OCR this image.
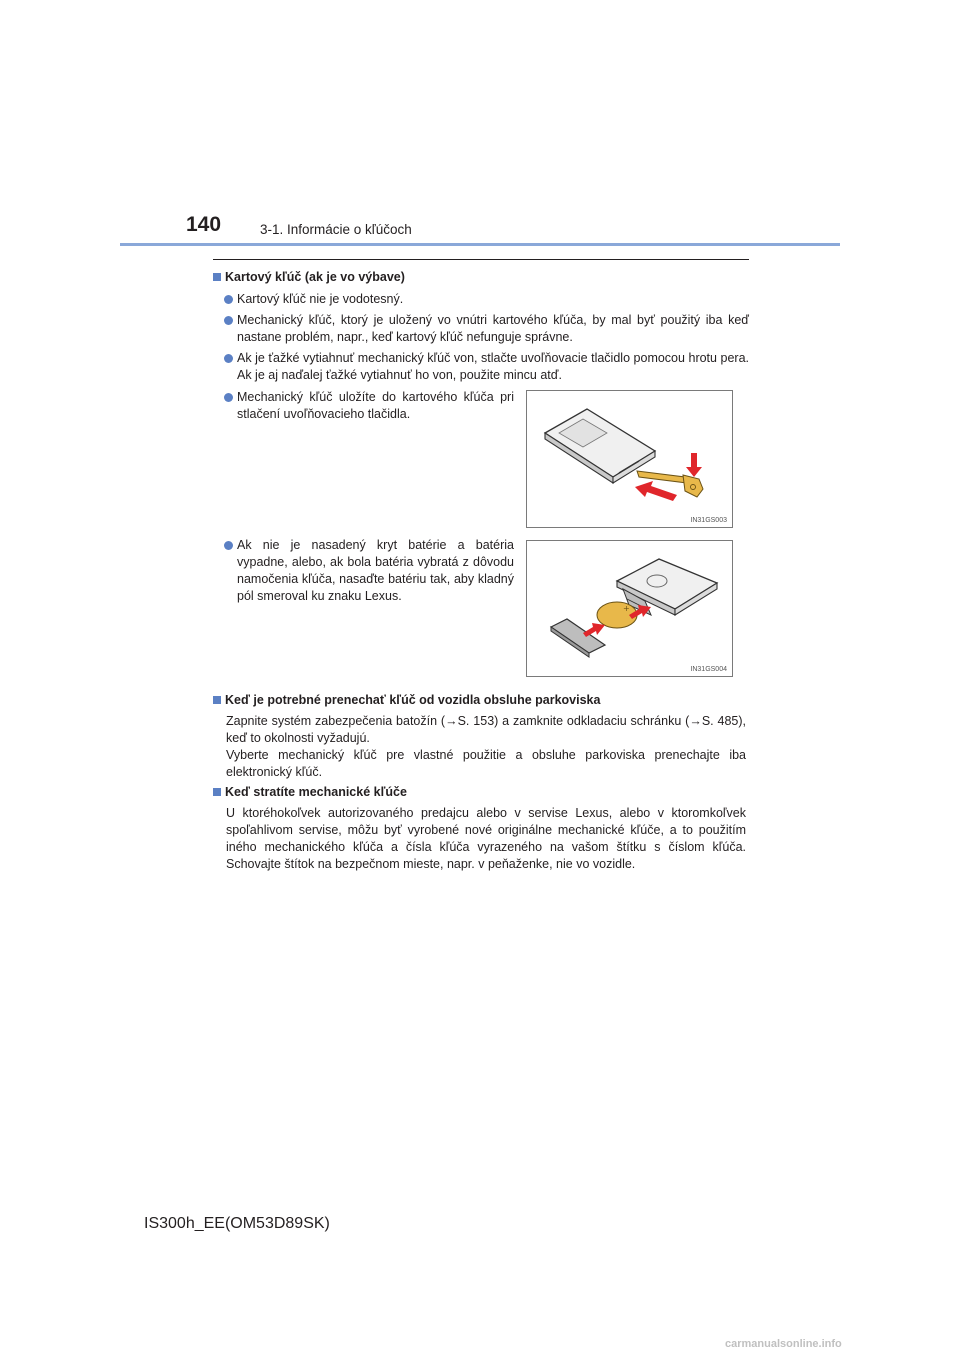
140	3-1. Informácie o kľúčoch
Kartový kľúč (ak je vo výbave)
Kartový kľúč nie je vodotesný.
Mechanický kľúč, ktorý je uložený vo vnútri kartového kľúča, by mal byť použitý iba keď nastane problém, napr., keď kartový kľúč nefunguje správne.
Ak je ťažké vytiahnuť mechanický kľúč von, stlačte uvoľňovacie tlačidlo pomocou hrotu pera. Ak je aj naďalej ťažké vytiahnuť ho von, použite mincu atď.
Mechanický kľúč uložíte do kartového kľúča pri stlačení uvoľňovacieho tlačidla.
IN31GS003
Ak nie je nasadený kryt batérie a batéria vypadne, alebo, ak bola batéria vybratá z dôvodu namočenia kľúča, nasaďte batériu tak, aby kladný pól smeroval ku znaku Lexus.
+
IN31GS004
Keď je potrebné prenechať kľúč od vozidla obsluhe parkoviska
Zapnite systém zabezpečenia batožín (→S. 153) a zamknite odkladaciu schránku (→S. 485), keď to okolnosti vyžadujú.
Vyberte mechanický kľúč pre vlastné použitie a obsluhe parkoviska prenechajte iba elektronický kľúč.
Keď stratíte mechanické kľúče
U ktoréhokoľvek autorizovaného predajcu alebo v servise Lexus, alebo v ktoromkoľvek spoľahlivom servise, môžu byť vyrobené nové originálne mechanické kľúče, a to použitím iného mechanického kľúča a čísla kľúča vyrazeného na vašom štítku s číslom kľúča. Schovajte štítok na bezpečnom mieste, napr. v peňaženke, nie vo vozidle.
IS300h_EE(OM53D89SK)
carmanualsonline.info
